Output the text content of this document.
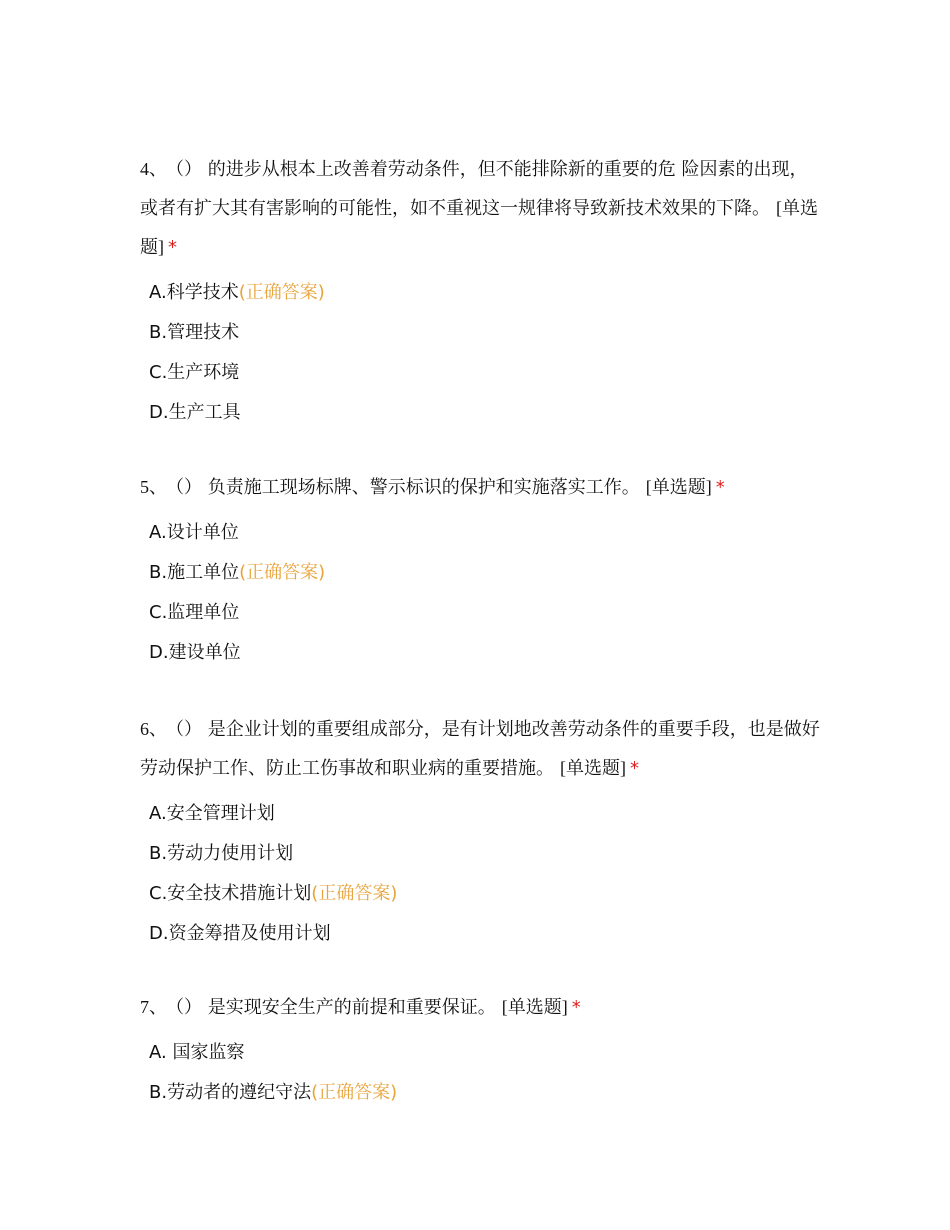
4、 （） 的进步从根本上改善着劳动条件，但不能排除新的重要的危 险因素的出现，或者有扩大其有害影响的可能性，如不重视这一规律将导致新技术效果的下降。 [单选题] *

A.科学技术(正确答案)
B.管理技术
C.生产环境
D.生产工具

5、 （） 负责施工现场标牌、警示标识的保护和实施落实工作。 [单选题] *

A.设计单位
B.施工单位(正确答案)
C.监理单位
D.建设单位

6、 （） 是企业计划的重要组成部分，是有计划地改善劳动条件的重要手段，也是做好劳动保护工作、防止工伤事故和职业病的重要措施。 [单选题] *

A.安全管理计划
B.劳动力使用计划
C.安全技术措施计划(正确答案)
D.资金筹措及使用计划

7、 （） 是实现安全生产的前提和重要保证。 [单选题] *

A. 国家监察
B.劳动者的遵纪守法(正确答案)
